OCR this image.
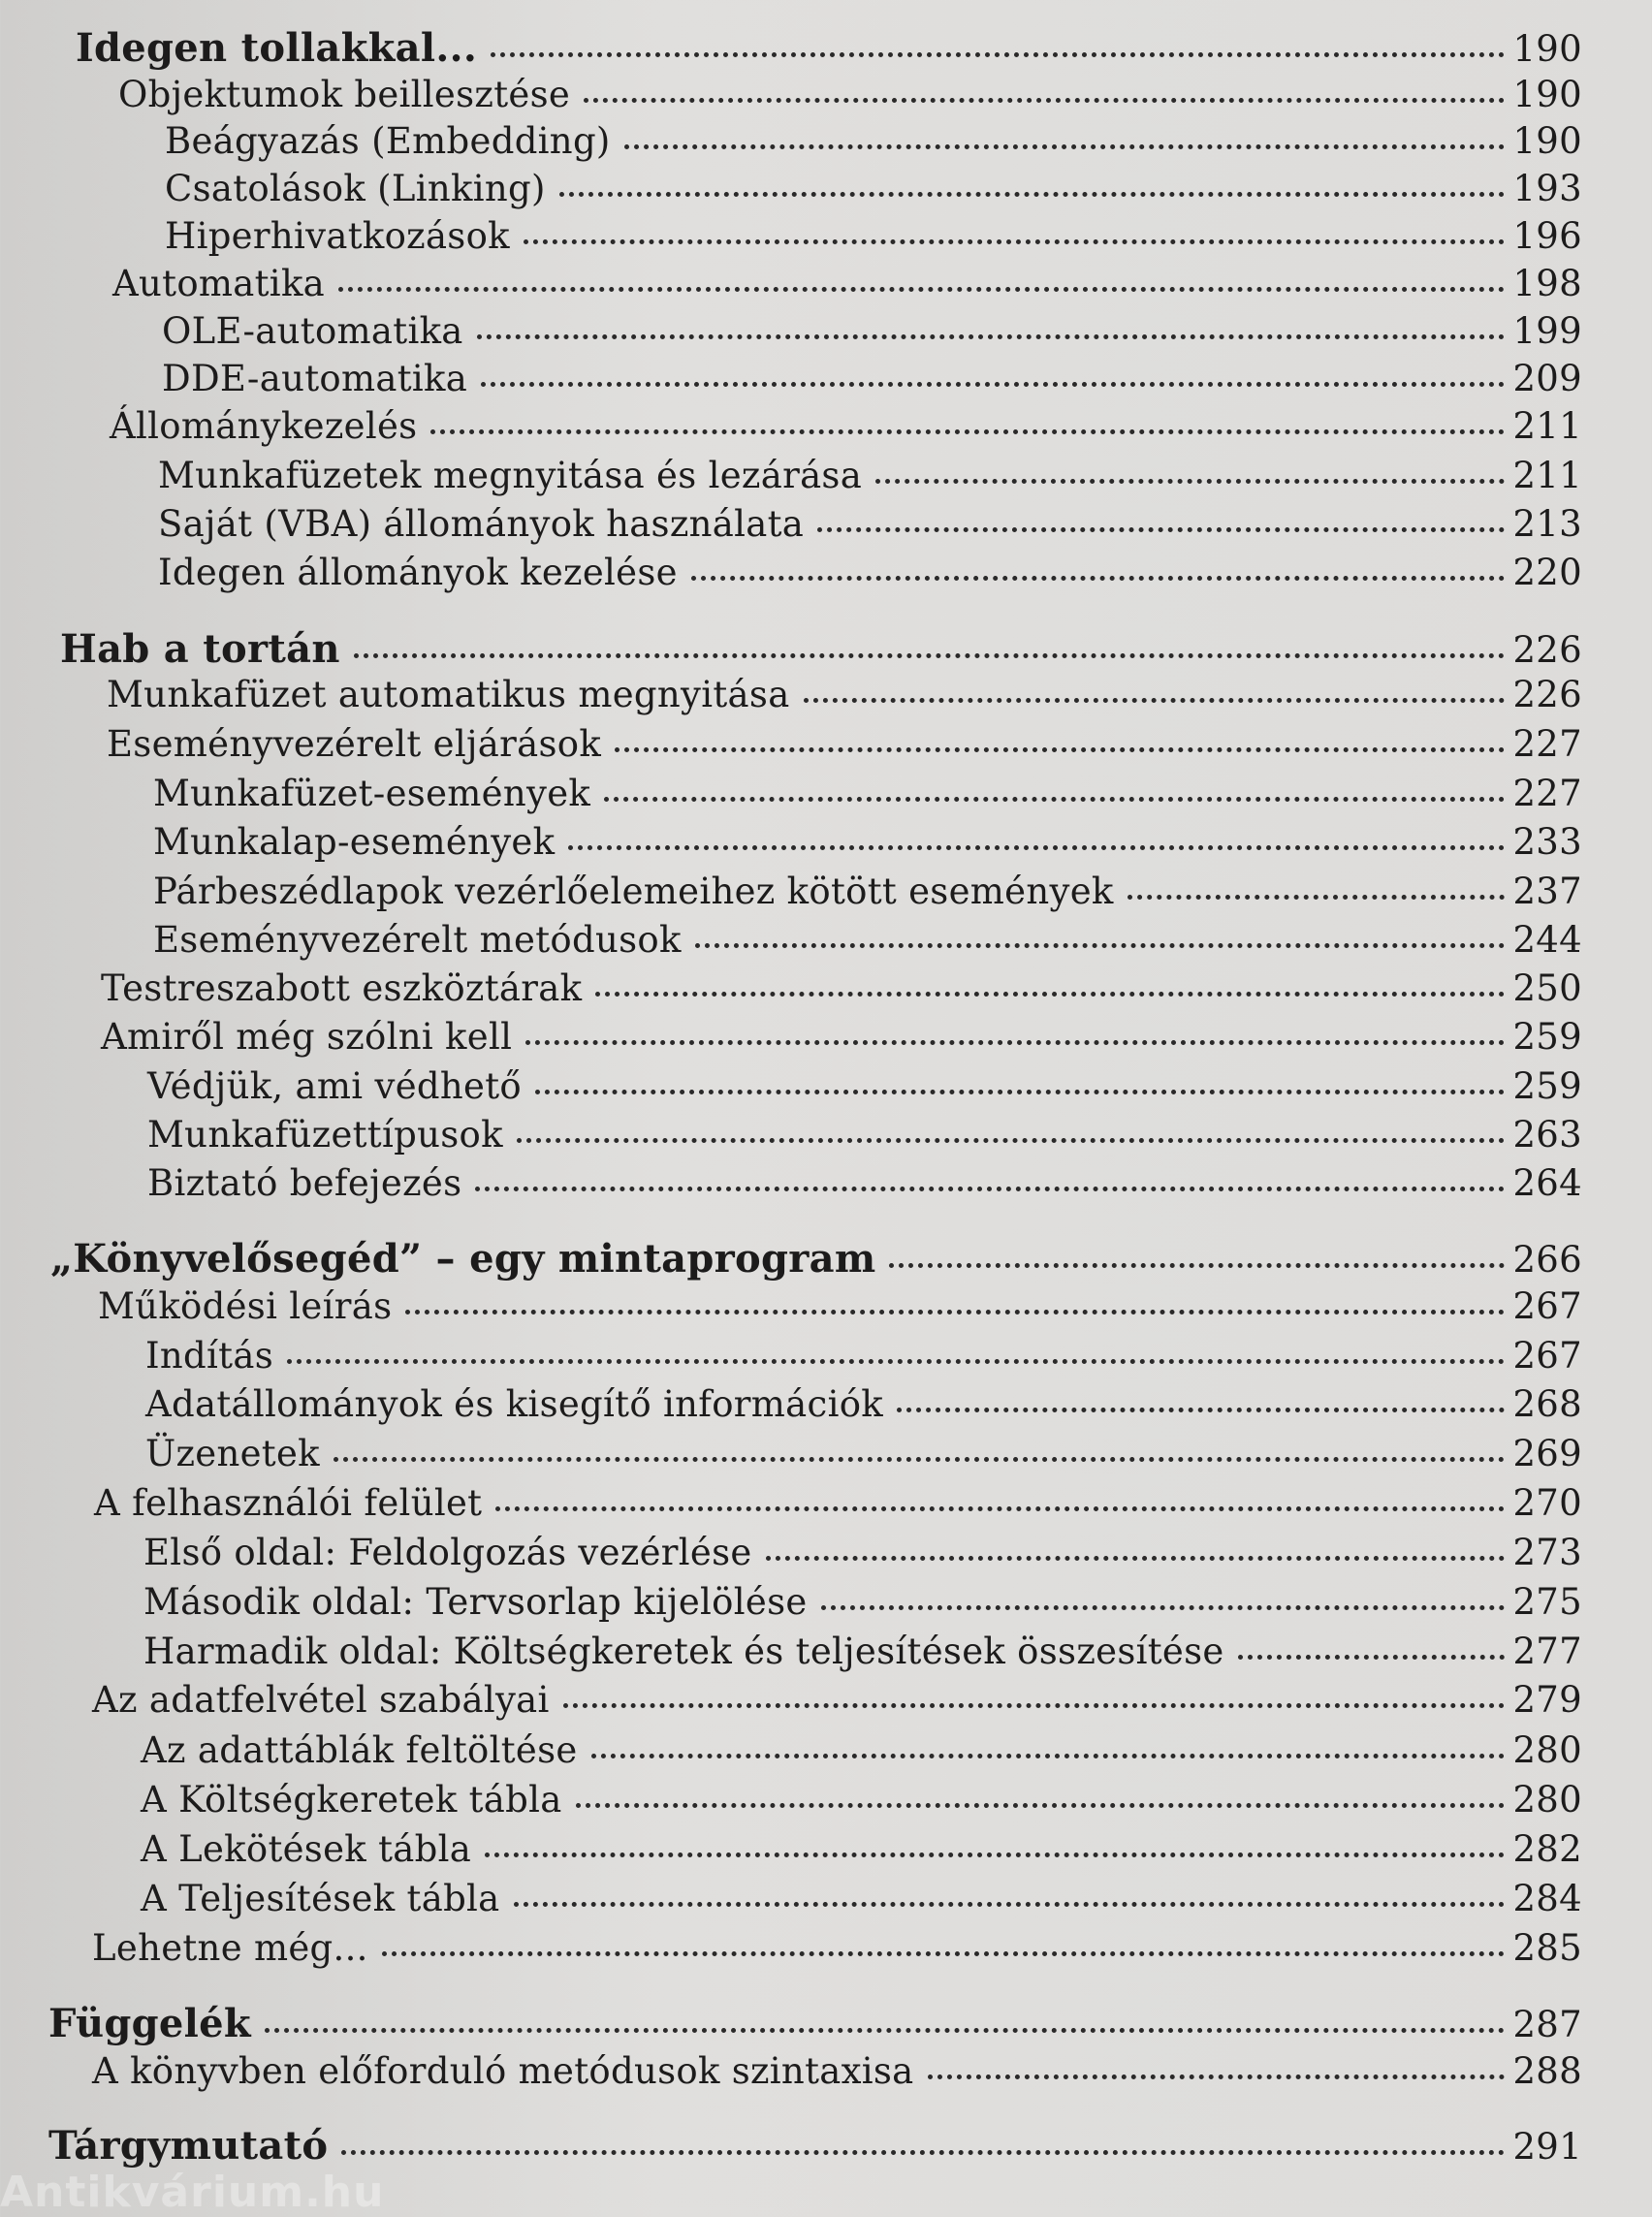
Idegen tollakkal...	190
Objektumok beillesztése	190
Beágyazás (Embedding)	190
Csatolások (Linking)	193
Hiperhivatkozások	196
Automatika	198
OLE-automatika	199
DDE-automatika	209
Állománykezelés	211
Munkafüzetek megnyitása és lezárása	211
Saját (VBA) állományok használata	213
Idegen állományok kezelése	220
Hab a tortán	226
Munkafüzet automatikus megnyitása	226
Eseményvezérelt eljárások	227
Munkafüzet-események	227
Munkalap-események	233
Párbeszédlapok vezérlőelemeihez kötött események	237
Eseményvezérelt metódusok	244
Testreszabott eszköztárak	250
Amiről még szólni kell	259
Védjük, ami védhető	259
Munkafüzettípusok	263
Biztató befejezés	264
„Könyvelősegéd” – egy mintaprogram	266
Működési leírás	267
Indítás	267
Adatállományok és kisegítő információk	268
Üzenetek	269
A felhasználói felület	270
Első oldal: Feldolgozás vezérlése	273
Második oldal: Tervsorlap kijelölése	275
Harmadik oldal: Költségkeretek és teljesítések összesítése	277
Az adatfelvétel szabályai	279
Az adattáblák feltöltése	280
A Költségkeretek tábla	280
A Lekötések tábla	282
A Teljesítések tábla	284
Lehetne még...	285
Függelék	287
A könyvben előforduló metódusok szintaxisa	288
Tárgymutató	291
Antikvárium.hu
